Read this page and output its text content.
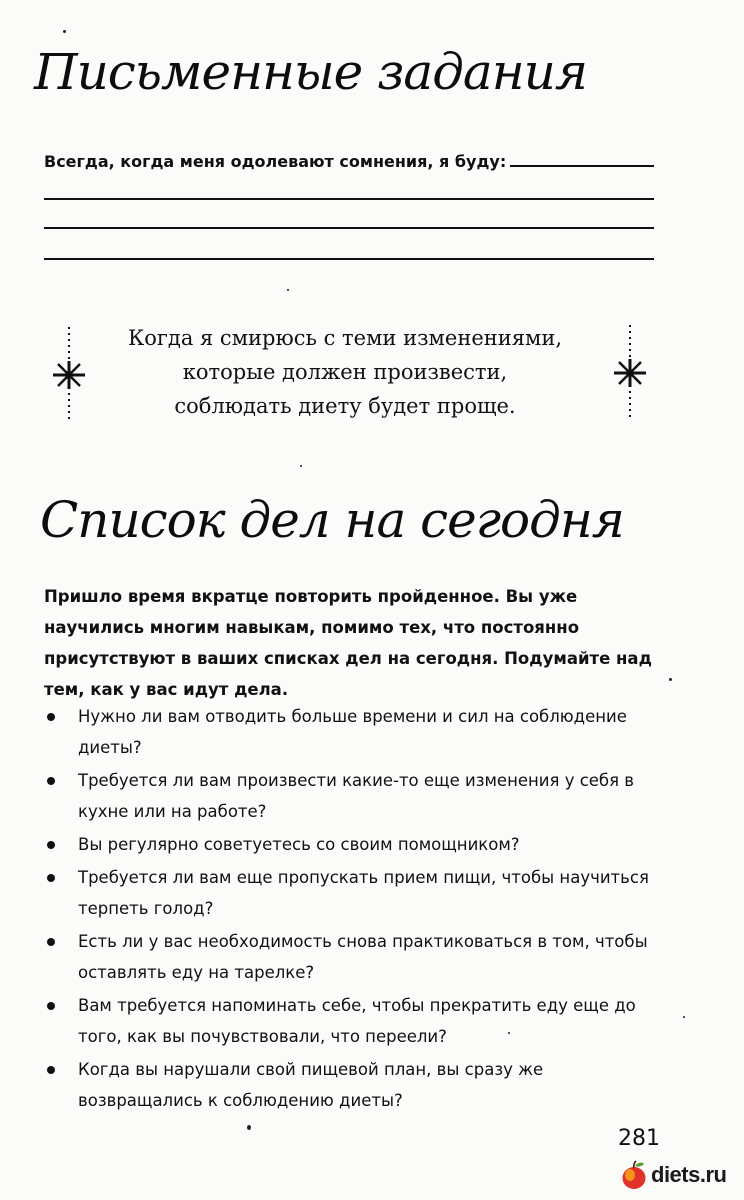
Письменные задания
Всегда, когда меня одолевают сомнения, я буду:
Когда я смирюсь с теми изменениями,
которые должен произвести,
соблюдать диету будет проще.
Список дел на сегодня
Пришло время вкратце повторить пройденное. Вы уже научились многим навыкам, помимо тех, что постоянно присутствуют в ваших списках дел на сегодня. Подумайте над тем, как у вас идут дела.
Нужно ли вам отводить больше времени и сил на соблюдение диеты?
Требуется ли вам произвести какие-то еще изменения у себя в кухне или на работе?
Вы регулярно советуетесь со своим помощником?
Требуется ли вам еще пропускать прием пищи, чтобы научиться терпеть голод?
Есть ли у вас необходимость снова практиковаться в том, чтобы оставлять еду на тарелке?
Вам требуется напоминать себе, чтобы прекратить еду еще до того, как вы почувствовали, что переели?
Когда вы нарушали свой пищевой план, вы сразу же возвращались к соблюдению диеты?
281
diets.ru
